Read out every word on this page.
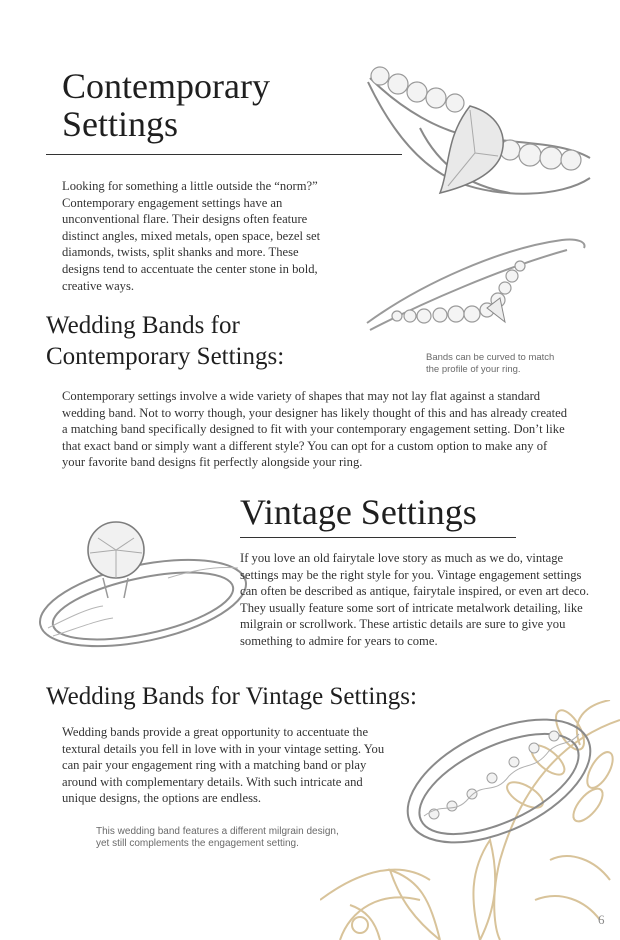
Contemporary
Settings

Looking for something a little outside the “norm?” Contemporary engagement settings have an unconventional flare. Their designs often feature distinct angles, mixed metals, open space, bezel set diamonds, twists, split shanks and more. These designs tend to accentuate the center stone in bold, creative ways.

Bands can be curved to match
the profile of your ring.
Wedding Bands for
Contemporary Settings:

Contemporary settings involve a wide variety of shapes that may not lay flat against a standard wedding band. Not to worry though, your designer has likely thought of this and has already created a matching band specifically designed to fit with your contemporary engagement setting. Don’t like that exact band or simply want a different style? You can opt for a custom option to make any of your favorite band designs fit perfectly alongside your ring.

Vintage Settings

If you love an old fairytale love story as much as we do, vintage settings may be the right style for you. Vintage engagement settings can often be described as antique, fairytale inspired, or even art deco. They usually feature some sort of intricate metalwork detailing, like milgrain or scrollwork. These artistic details are sure to give you something to admire for years to come.

Wedding Bands for Vintage Settings:

Wedding bands provide a great opportunity to accentuate the textural details you fell in love with in your vintage setting. You can pair your engagement ring with a matching band or play around with complementary details. With such intricate and unique designs, the options are endless.

This wedding band features a different milgrain design,
yet still complements the engagement setting.
6
